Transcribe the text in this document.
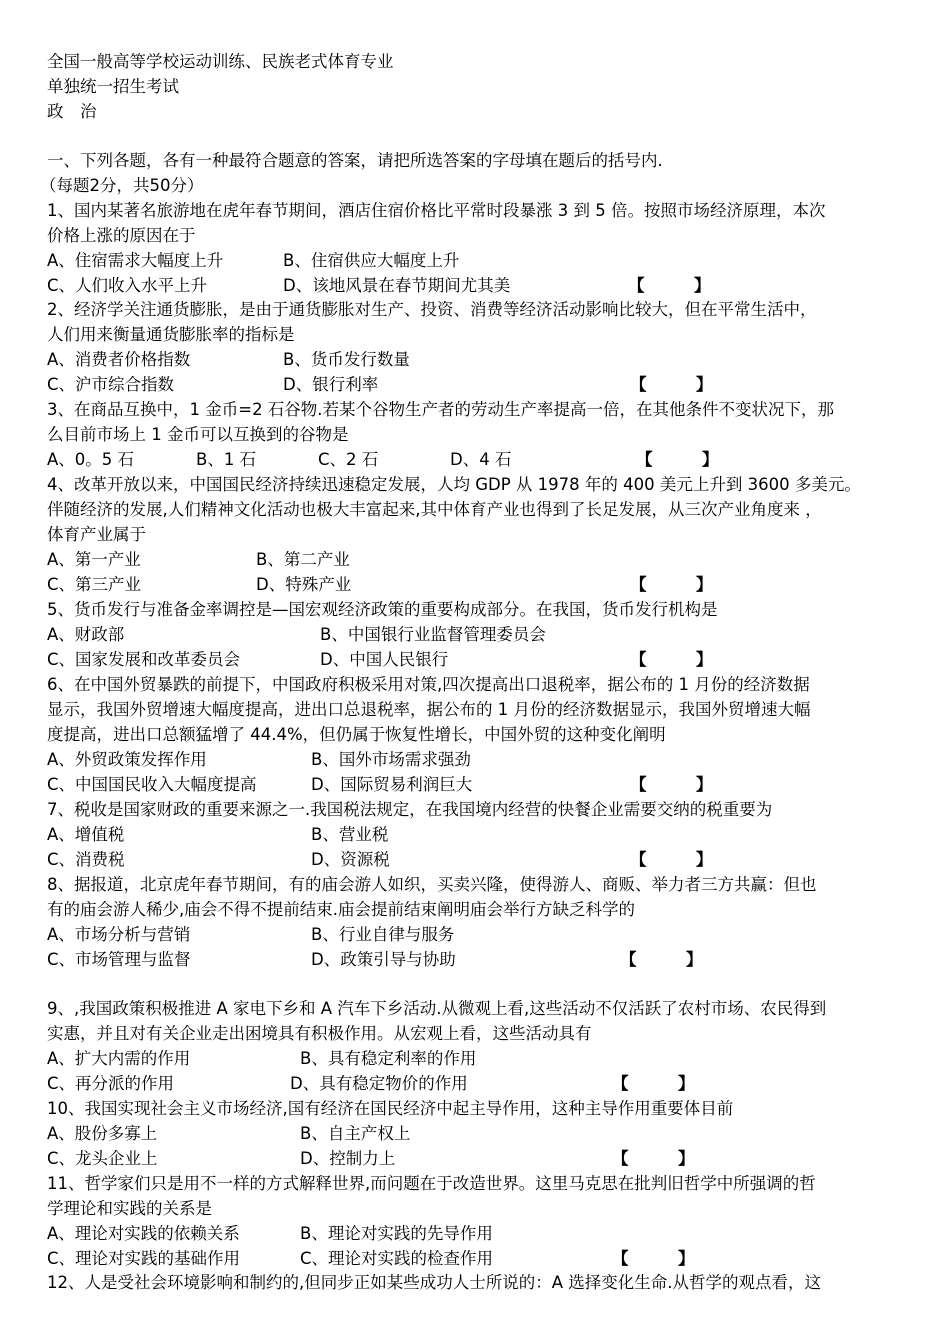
全国一般高等学校运动训练、民族老式体育专业
单独统一招生考试
政　治
一、下列各题，各有一种最符合题意的答案，请把所选答案的字母填在题后的括号内.
（每题2分，共50分）
1、国内某著名旅游地在虎年春节期间，酒店住宿价格比平常时段暴涨 3 到 5 倍。按照市场经济原理，本次
价格上涨的原因在于
A、住宿需求大幅度上升	B、住宿供应大幅度上升
C、人们收入水平上升	D、该地风景在春节期间尤其美	【　　　】
2、经济学关注通货膨胀，是由于通货膨胀对生产、投资、消费等经济活动影响比较大，但在平常生活中，
人们用来衡量通货膨胀率的指标是
A、消费者价格指数	B、货币发行数量
C、沪市综合指数	D、银行利率	【　　　】
3、在商品互换中，1 金币=2 石谷物.若某个谷物生产者的劳动生产率提高一倍，在其他条件不变状况下，那
么目前市场上 1 金币可以互换到的谷物是
A、0。5 石	B、1 石	C、2 石	D、4 石	【　　　】
4、改革开放以来，中国国民经济持续迅速稳定发展，人均 GDP 从 1978 年的 400 美元上升到 3600 多美元。
伴随经济的发展,人们精神文化活动也极大丰富起来,其中体育产业也得到了长足发展，从三次产业角度来 ，
体育产业属于
A、第一产业	B、第二产业
C、第三产业	D、特殊产业	【　　　】
5、货币发行与准备金率调控是—国宏观经济政策的重要构成部分。在我国，货币发行机构是
A、财政部	B、中国银行业监督管理委员会
C、国家发展和改革委员会	D、中国人民银行	【　　　】
6、在中国外贸暴跌的前提下，中国政府积极采用对策,四次提高出口退税率，据公布的 1 月份的经济数据
显示，我国外贸增速大幅度提高，进出口总退税率，据公布的 1 月份的经济数据显示，我国外贸增速大幅
度提高，进出口总额猛增了 44.4%，但仍属于恢复性增长，中国外贸的这种变化阐明
A、外贸政策发挥作用	B、国外市场需求强劲
C、中国国民收入大幅度提高	D、国际贸易利润巨大	【　　　】
7、税收是国家财政的重要来源之一.我国税法规定，在我国境内经营的快餐企业需要交纳的税重要为
A、增值税	B、营业税
C、消费税	D、资源税	【　　　】
8、据报道，北京虎年春节期间，有的庙会游人如织，买卖兴隆，使得游人、商贩、举力者三方共赢：但也
有的庙会游人稀少,庙会不得不提前结束.庙会提前结束阐明庙会举行方缺乏科学的
A、市场分析与营销	B、行业自律与服务
C、市场管理与监督	D、政策引导与协助	【　　　】
9、,我国政策积极推进 A 家电下乡和 A 汽车下乡活动.从微观上看,这些活动不仅活跃了农村市场、农民得到
实惠，并且对有关企业走出困境具有积极作用。从宏观上看，这些活动具有
A、扩大内需的作用	B、具有稳定利率的作用
C、再分派的作用	D、具有稳定物价的作用	【　　　】
10、我国实现社会主义市场经济,国有经济在国民经济中起主导作用，这种主导作用重要体目前
A、股份多寡上	B、自主产权上
C、龙头企业上	D、控制力上	【　　　】
11、哲学家们只是用不一样的方式解释世界,而问题在于改造世界。这里马克思在批判旧哲学中所强调的哲
学理论和实践的关系是
A、理论对实践的依赖关系	B、理论对实践的先导作用
C、理论对实践的基础作用	C、理论对实践的检查作用	【　　　】
12、人是受社会环境影响和制约的,但同步正如某些成功人士所说的：A 选择变化生命.从哲学的观点看，这
